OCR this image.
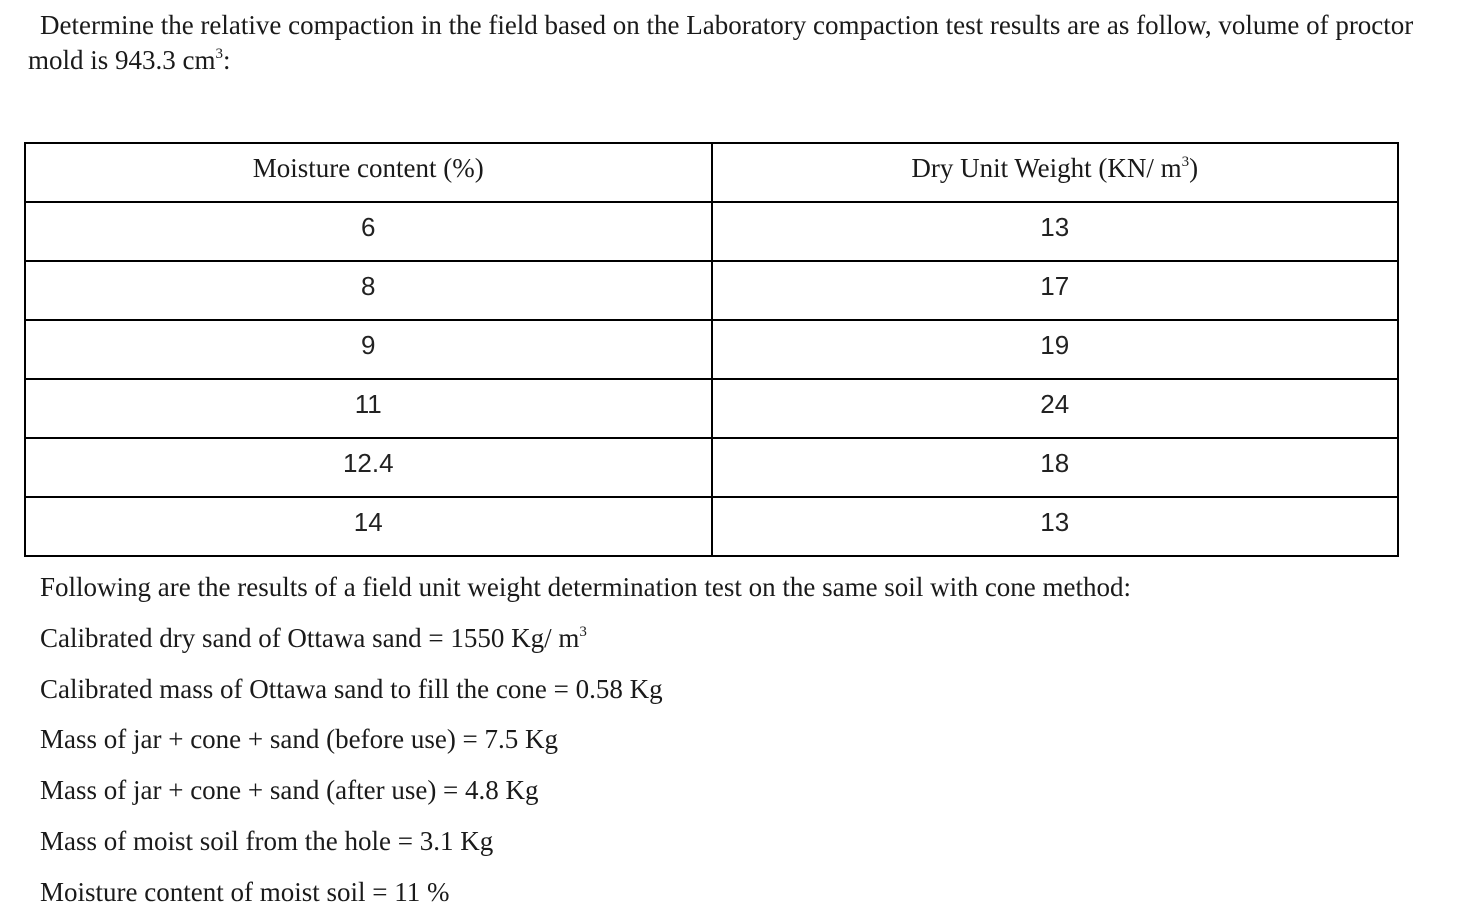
Determine the relative compaction in the field based on the Laboratory compaction test results are as follow, volume of proctor mold is 943.3 $cm^3$:

Moisture content (%)	Dry Unit Weight (KN/ $m^3$)
6	13
8	17
9	19
11	24
12.4	18
14	13
Following are the results of a field unit weight determination test on the same soil with cone method:
Calibrated dry sand of Ottawa sand = 1550 Kg/ $m^3$
Calibrated mass of Ottawa sand to fill the cone = 0.58 Kg
Mass of jar + cone + sand (before use) = 7.5 Kg
Mass of jar + cone + sand (after use) = 4.8 Kg
Mass of moist soil from the hole = 3.1 Kg
Moisture content of moist soil = 11 %
